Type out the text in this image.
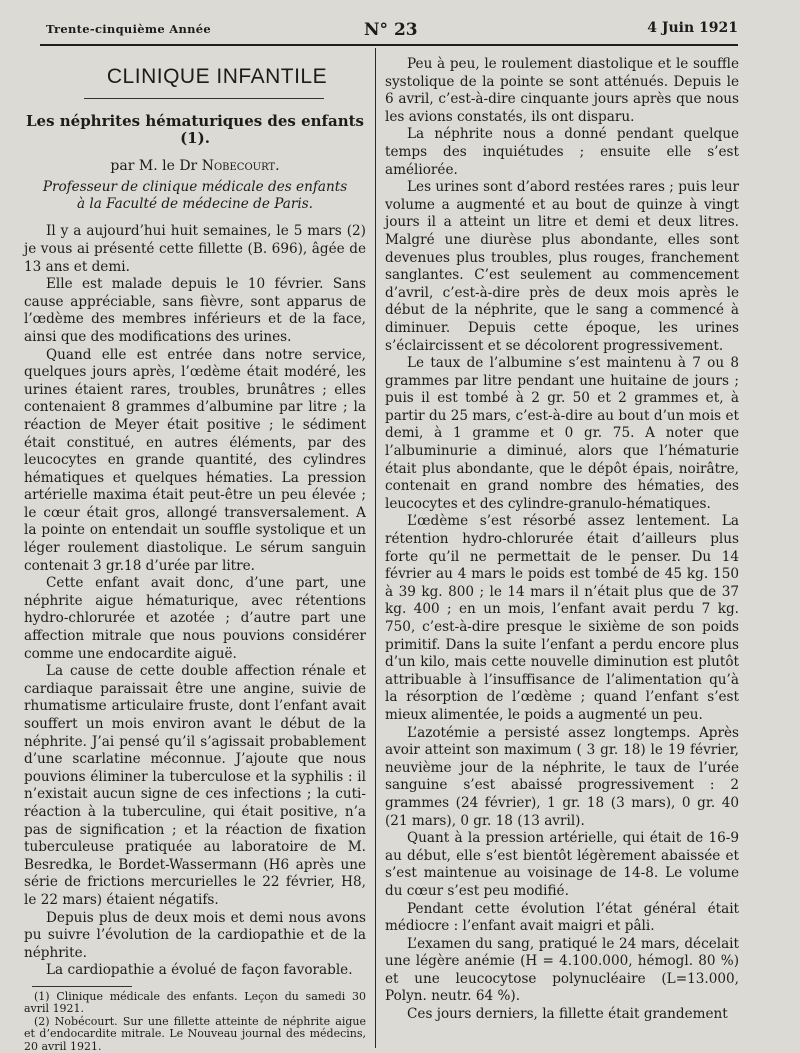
Trente-cinquième Année	N° 23	4 Juin 1921
CLINIQUE INFANTILE
Les néphrites hématuriques des enfants (1).
par M. le Dr Nobecourt.
Professeur de clinique médicale des enfants
à la Faculté de médecine de Paris.

Il y a aujourd’hui huit semaines, le 5 mars (2) je vous ai présenté cette fillette (B. 696), âgée de 13 ans et demi.

Elle est malade depuis le 10 février. Sans cause appréciable, sans fièvre, sont apparus de l’œdème des membres inférieurs et de la face, ainsi que des modifications des urines.

Quand elle est entrée dans notre service, quelques jours après, l’œdème était modéré, les urines étaient rares, troubles, brunâtres ; elles contenaient 8 grammes d’albumine par litre ; la réaction de Meyer était positive ; le sédiment était constitué, en autres éléments, par des leucocytes en grande quantité, des cylindres hématiques et quelques hématies. La pression artérielle maxima était peut-être un peu élevée ; le cœur était gros, allongé transversalement. A la pointe on entendait un souffle systolique et un léger roulement diastolique. Le sérum sanguin contenait 3 gr.18 d’urée par litre.

Cette enfant avait donc, d’une part, une néphrite aigue hématurique, avec rétentions hydro-chlorurée et azotée ; d’autre part une affection mitrale que nous pouvions considérer comme une endocardite aiguë.

La cause de cette double affection rénale et cardiaque paraissait être une angine, suivie de rhumatisme articulaire fruste, dont l’enfant avait souffert un mois environ avant le début de la néphrite. J’ai pensé qu’il s’agissait probablement d’une scarlatine méconnue. J’ajoute que nous pouvions éliminer la tuberculose et la syphilis : il n’existait aucun signe de ces infections ; la cuti-réaction à la tuberculine, qui était positive, n’a pas de signification ; et la réaction de fixation tuberculeuse pratiquée au laboratoire de M. Besredka, le Bordet-Wassermann (H6 après une série de frictions mercurielles le 22 février, H8, le 22 mars) étaient négatifs.

Depuis plus de deux mois et demi nous avons pu suivre l’évolution de la cardiopathie et de la néphrite.

La cardiopathie a évolué de façon favorable.

(1) Clinique médicale des enfants. Leçon du samedi 30 avril 1921.

(2) Nobécourt. Sur une fillette atteinte de néphrite aigue et d’endocardite mitrale. Le Nouveau journal des médecins, 20 avril 1921.

Peu à peu, le roulement diastolique et le souffle systolique de la pointe se sont atténués. Depuis le 6 avril, c’est-à-dire cinquante jours après que nous les avions constatés, ils ont disparu.

La néphrite nous a donné pendant quelque temps des inquiétudes ; ensuite elle s’est améliorée.

Les urines sont d’abord restées rares ; puis leur volume a augmenté et au bout de quinze à vingt jours il a atteint un litre et demi et deux litres. Malgré une diurèse plus abondante, elles sont devenues plus troubles, plus rouges, franchement sanglantes. C’est seulement au commencement d’avril, c’est-à-dire près de deux mois après le début de la néphrite, que le sang a commencé à diminuer. Depuis cette époque, les urines s’éclaircissent et se décolorent progressivement.

Le taux de l’albumine s’est maintenu à 7 ou 8 grammes par litre pendant une huitaine de jours ; puis il est tombé à 2 gr. 50 et 2 grammes et, à partir du 25 mars, c’est-à-dire au bout d’un mois et demi, à 1 gramme et 0 gr. 75. A noter que l’albuminurie a diminué, alors que l’hématurie était plus abondante, que le dépôt épais, noirâtre, contenait en grand nombre des hématies, des leucocytes et des cylindre-granulo-hématiques.

L’œdème s’est résorbé assez lentement. La rétention hydro-chlorurée était d’ailleurs plus forte qu’il ne permettait de le penser. Du 14 février au 4 mars le poids est tombé de 45 kg. 150 à 39 kg. 800 ; le 14 mars il n’était plus que de 37 kg. 400 ; en un mois, l’enfant avait perdu 7 kg. 750, c’est-à-dire presque le sixième de son poids primitif. Dans la suite l’enfant a perdu encore plus d’un kilo, mais cette nouvelle diminution est plutôt attribuable à l’insuffisance de l’alimentation qu’à la résorption de l’œdème ; quand l’enfant s’est mieux alimentée, le poids a augmenté un peu.

L’azotémie a persisté assez longtemps. Après avoir atteint son maximum ( 3 gr. 18) le 19 février, neuvième jour de la néphrite, le taux de l’urée sanguine s’est abaissé progressivement : 2 grammes (24 février), 1 gr. 18 (3 mars), 0 gr. 40 (21 mars), 0 gr. 18 (13 avril).

Quant à la pression artérielle, qui était de 16-9 au début, elle s’est bientôt légèrement abaissée et s’est maintenue au voisinage de 14-8. Le volume du cœur s’est peu modifié.

Pendant cette évolution l’état général était médiocre : l’enfant avait maigri et pâli.

L’examen du sang, pratiqué le 24 mars, décelait une légère anémie (H = 4.100.000, hémogl. 80 %) et une leucocytose polynucléaire (L=13.000, Polyn. neutr. 64 %).

Ces jours derniers, la fillette était grandement
